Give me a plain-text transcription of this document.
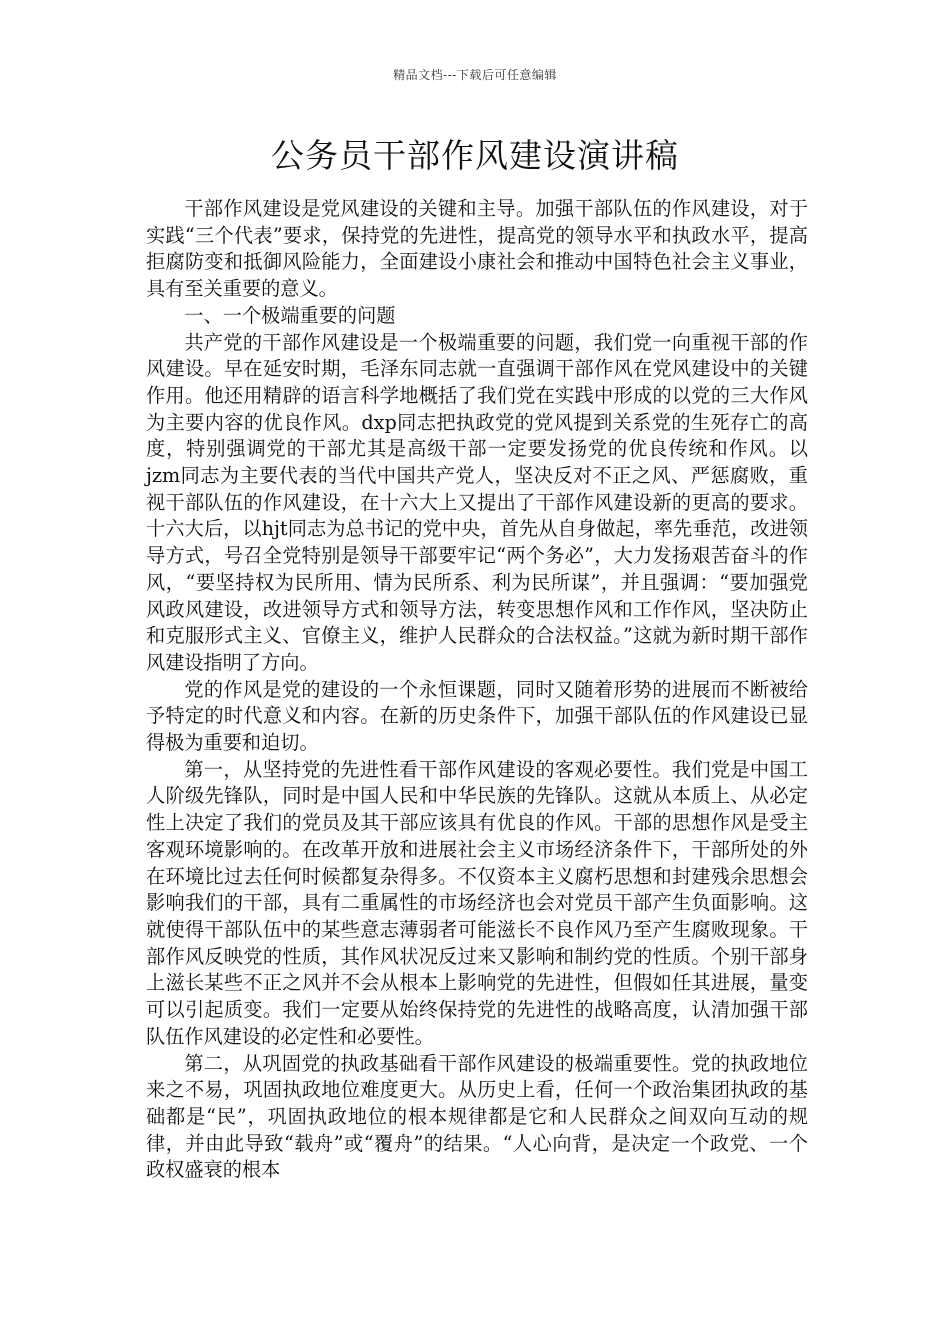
精品文档---下载后可任意编辑
公务员干部作风建设演讲稿

干部作风建设是党风建设的关键和主导。加强干部队伍的作风建设，对于实践“三个代表”要求，保持党的先进性，提高党的领导水平和执政水平，提高拒腐防变和抵御风险能力，全面建设小康社会和推动中国特色社会主义事业，具有至关重要的意义。

一、一个极端重要的问题

共产党的干部作风建设是一个极端重要的问题，我们党一向重视干部的作风建设。早在延安时期，毛泽东同志就一直强调干部作风在党风建设中的关键作用。他还用精辟的语言科学地概括了我们党在实践中形成的以党的三大作风为主要内容的优良作风。dxp同志把执政党的党风提到关系党的生死存亡的高度，特别强调党的干部尤其是高级干部一定要发扬党的优良传统和作风。以jzm同志为主要代表的当代中国共产党人，坚决反对不正之风、严惩腐败，重视干部队伍的作风建设，在十六大上又提出了干部作风建设新的更高的要求。十六大后，以hjt同志为总书记的党中央，首先从自身做起，率先垂范，改进领导方式，号召全党特别是领导干部要牢记“两个务必”，大力发扬艰苦奋斗的作风，“要坚持权为民所用、情为民所系、利为民所谋”，并且强调：“要加强党风政风建设，改进领导方式和领导方法，转变思想作风和工作作风，坚决防止和克服形式主义、官僚主义，维护人民群众的合法权益。”这就为新时期干部作风建设指明了方向。

党的作风是党的建设的一个永恒课题，同时又随着形势的进展而不断被给予特定的时代意义和内容。在新的历史条件下，加强干部队伍的作风建设已显得极为重要和迫切。

第一，从坚持党的先进性看干部作风建设的客观必要性。我们党是中国工人阶级先锋队，同时是中国人民和中华民族的先锋队。这就从本质上、从必定性上决定了我们的党员及其干部应该具有优良的作风。干部的思想作风是受主客观环境影响的。在改革开放和进展社会主义市场经济条件下，干部所处的外在环境比过去任何时候都复杂得多。不仅资本主义腐朽思想和封建残余思想会影响我们的干部，具有二重属性的市场经济也会对党员干部产生负面影响。这就使得干部队伍中的某些意志薄弱者可能滋长不良作风乃至产生腐败现象。干部作风反映党的性质，其作风状况反过来又影响和制约党的性质。个别干部身上滋长某些不正之风并不会从根本上影响党的先进性，但假如任其进展，量变可以引起质变。我们一定要从始终保持党的先进性的战略高度，认清加强干部队伍作风建设的必定性和必要性。

第二，从巩固党的执政基础看干部作风建设的极端重要性。党的执政地位来之不易，巩固执政地位难度更大。从历史上看，任何一个政治集团执政的基础都是“民”，巩固执政地位的根本规律都是它和人民群众之间双向互动的规律，并由此导致“载舟”或“覆舟”的结果。“人心向背，是决定一个政党、一个政权盛衰的根本
